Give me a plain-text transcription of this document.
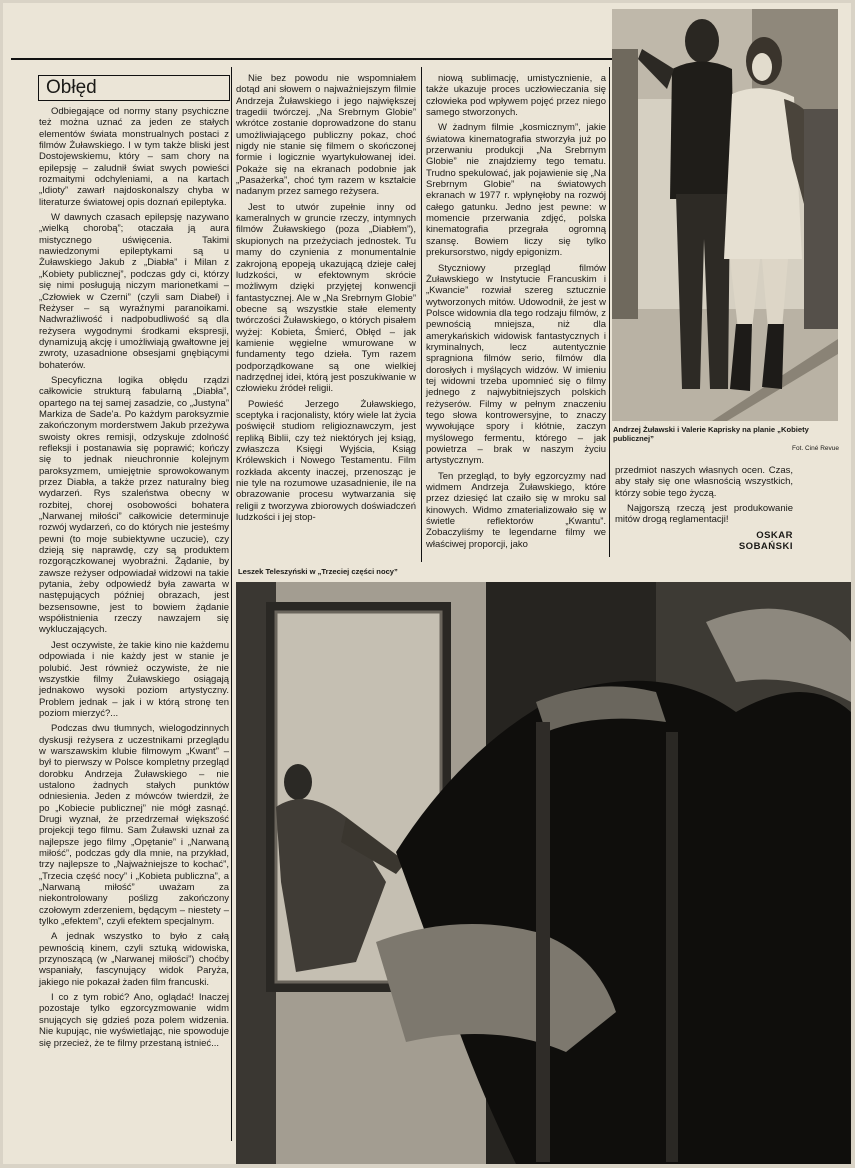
Obłęd

Odbiegające od normy stany psychiczne też można uznać za jeden ze stałych elementów świata monstrualnych postaci z filmów Żuławskiego. I w tym także bliski jest Dostojewskiemu, który – sam chory na epilepsję – zaludnił świat swych powieści rozmaitymi odchyleniami, a na kartach „Idioty” zawarł najdoskonalszy chyba w literaturze światowej opis doznań epileptyka.

W dawnych czasach epilepsję nazywano „wielką chorobą”; otaczała ją aura mistycznego uświęcenia. Takimi nawiedzonymi epileptykami są u Żuławskiego Jakub z „Diabła” i Milan z „Kobiety publicznej”, podczas gdy ci, którzy się nimi posługują niczym marionetkami – „Człowiek w Czerni” (czyli sam Diabeł) i Reżyser – są wyraźnymi paranoikami. Nadwrażliwość i nadpobudliwość są dla reżysera wygodnymi środkami ekspresji, dynamizują akcję i umożliwiają gwałtowne jej zwroty, uzasadnione obsesjami gnębiącymi bohaterów.

Specyficzna logika obłędu rządzi całkowicie strukturą fabularną „Diabła”, opartego na tej samej zasadzie, co „Justyna” Markiza de Sade'a. Po każdym paroksyzmie zakończonym morderstwem Jakub przeżywa swoisty okres remisji, odzyskuje zdolność refleksji i postanawia się poprawić; kończy się to jednak nieuchronnie kolejnym paroksyzmem, umiejętnie sprowokowanym przez Diabła, a także przez naturalny bieg wydarzeń. Rys szaleństwa obecny w rozbitej, chorej osobowości bohatera „Narwanej miłości” całkowicie determinuje rozwój wydarzeń, co do których nie jesteśmy pewni (to moje subiektywne uczucie), czy dzieją się naprawdę, czy są produktem rozgorączkowanej wyobraźni. Żądanie, by zawsze reżyser odpowiadał widzowi na takie pytania, żeby odpowiedź była zawarta w następujących później obrazach, jest bezsensowne, jest to bowiem żądanie współistnienia rzeczy nawzajem się wykluczających.

Jest oczywiste, że takie kino nie każdemu odpowiada i nie każdy jest w stanie je polubić. Jest również oczywiste, że nie wszystkie filmy Żuławskiego osiągają jednakowo wysoki poziom artystyczny. Problem jednak – jak i w którą stronę ten poziom mierzyć?...

Podczas dwu tłumnych, wielogodzinnych dyskusji reżysera z uczestnikami przeglądu w warszawskim klubie filmowym „Kwant” – był to pierwszy w Polsce kompletny przegląd dorobku Andrzeja Żuławskiego – nie ustalono żadnych stałych punktów odniesienia. Jeden z mówców twierdził, że po „Kobiecie publicznej” nie mógł zasnąć. Drugi wyznał, że przedrzemał większość projekcji tego filmu. Sam Żuławski uznał za najlepsze jego filmy „Opętanie” i „Narwaną miłość”, podczas gdy dla mnie, na przykład, trzy najlepsze to „Najważniejsze to kochać”, „Trzecia część nocy” i „Kobieta publiczna”, a „Narwaną miłość” uważam za niekontrolowany poślizg zakończony czołowym zderzeniem, będącym – niestety – tylko „efektem”, czyli efektem specjalnym.

A jednak wszystko to było z całą pewnością kinem, czyli sztuką widowiska, przynoszącą (w „Narwanej miłości”) choćby wspaniały, fascynujący widok Paryża, jakiego nie pokazał żaden film francuski.

I co z tym robić? Ano, oglądać! Inaczej pozostaje tylko egzorcyzmowanie widm snujących się gdzieś poza polem widzenia. Nie kupując, nie wyświetlając, nie spowoduje się przecież, że te filmy przestaną istnieć...

Nie bez powodu nie wspomniałem dotąd ani słowem o najważniejszym filmie Andrzeja Żuławskiego i jego największej tragedii twórczej. „Na Srebrnym Globie” wkrótce zostanie doprowadzone do stanu umożliwiającego publiczny pokaz, choć nigdy nie stanie się filmem o skończonej formie i logicznie wyartykułowanej idei. Pokaże się na ekranach podobnie jak „Pasażerka”, choć tym razem w kształcie nadanym przez samego reżysera.

Jest to utwór zupełnie inny od kameralnych w gruncie rzeczy, intymnych filmów Żuławskiego (poza „Diabłem”), skupionych na przeżyciach jednostek. Tu mamy do czynienia z monumentalnie zakrojoną epopeją ukazującą dzieje całej ludzkości, w efektownym skrócie możliwym dzięki przyjętej konwencji fantastycznej. Ale w „Na Srebrnym Globie” obecne są wszystkie stałe elementy twórczości Żuławskiego, o których pisałem wyżej: Kobieta, Śmierć, Obłęd – jak kamienie węgielne wmurowane w fundamenty tego dzieła. Tym razem podporządkowane są one wielkiej nadrzędnej idei, którą jest poszukiwanie w człowieku źródeł religii.

Powieść Jerzego Żuławskiego, sceptyka i racjonalisty, który wiele lat życia poświęcił studiom religioznawczym, jest repliką Biblii, czy też niektórych jej ksiąg, zwłaszcza Księgi Wyjścia, Ksiąg Królewskich i Nowego Testamentu. Film rozkłada akcenty inaczej, przenosząc je nie tyle na rozumowe uzasadnienie, ile na obrazowanie procesu wytwarzania się religii z tworzywa zbiorowych doświadczeń ludzkości i jej stop-

niową sublimację, umistycznienie, a także ukazuje proces uczłowieczania się człowieka pod wpływem pojęć przez niego samego stworzonych.

W żadnym filmie „kosmicznym”, jakie światowa kinematografia stworzyła już po przerwaniu produkcji „Na Srebrnym Globie” nie znajdziemy tego tematu. Trudno spekulować, jak pojawienie się „Na Srebrnym Globie” na światowych ekranach w 1977 r. wpłynęłoby na rozwój całego gatunku. Jedno jest pewne: w momencie przerwania zdjęć, polska kinematografia przegrała ogromną szansę. Bowiem liczy się tylko prekursorstwo, nigdy epigonizm.

Styczniowy przegląd filmów Żuławskiego w Instytucie Francuskim i „Kwancie” rozwiał szereg sztucznie wytworzonych mitów. Udowodnił, że jest w Polsce widownia dla tego rodzaju filmów, z pewnością mniejsza, niż dla amerykańskich widowisk fantastycznych i kryminalnych, lecz autentycznie spragniona filmów serio, filmów dla dorosłych i myślących widzów. W imieniu tej widowni trzeba upomnieć się o filmy jednego z najwybitniejszych polskich reżyserów. Filmy w pełnym znaczeniu tego słowa kontrowersyjne, to znaczy wywołujące spory i kłótnie, zaczyn myślowego fermentu, którego – jak powietrza – brak w naszym życiu artystycznym.

Ten przegląd, to były egzorcyzmy nad widmem Andrzeja Żuławskiego, które przez dziesięć lat czaiło się w mroku sal kinowych. Widmo zmaterializowało się w świetle reflektorów „Kwantu”. Zobaczyliśmy te legendarne filmy we właściwej proporcji, jako

Andrzej Żuławski i Valerie Kaprisky na planie „Kobiety publicznej”
Fot. Ciné Revue

przedmiot naszych własnych ocen. Czas, aby stały się one własnością wszystkich, którzy sobie tego życzą.

Najgorszą rzeczą jest produkowanie mitów drogą reglamentacji!

OSKAR
SOBAŃSKI
Leszek Teleszyński w „Trzeciej części nocy”
